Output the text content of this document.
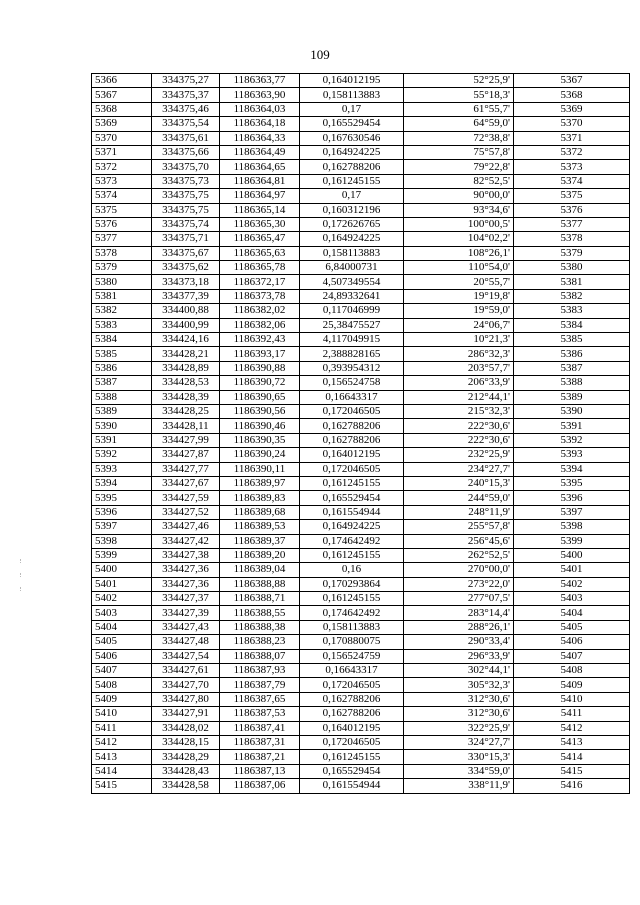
109
5366	334375,27	1186363,77	0,164012195	52°25,9'	5367
5367	334375,37	1186363,90	0,158113883	55°18,3'	5368
5368	334375,46	1186364,03	0,17	61°55,7'	5369
5369	334375,54	1186364,18	0,165529454	64°59,0'	5370
5370	334375,61	1186364,33	0,167630546	72°38,8'	5371
5371	334375,66	1186364,49	0,164924225	75°57,8'	5372
5372	334375,70	1186364,65	0,162788206	79°22,8'	5373
5373	334375,73	1186364,81	0,161245155	82°52,5'	5374
5374	334375,75	1186364,97	0,17	90°00,0'	5375
5375	334375,75	1186365,14	0,160312196	93°34,6'	5376
5376	334375,74	1186365,30	0,172626765	100°00,5'	5377
5377	334375,71	1186365,47	0,164924225	104°02,2'	5378
5378	334375,67	1186365,63	0,158113883	108°26,1'	5379
5379	334375,62	1186365,78	6,84000731	110°54,0'	5380
5380	334373,18	1186372,17	4,507349554	20°55,7'	5381
5381	334377,39	1186373,78	24,89332641	19°19,8'	5382
5382	334400,88	1186382,02	0,117046999	19°59,0'	5383
5383	334400,99	1186382,06	25,38475527	24°06,7'	5384
5384	334424,16	1186392,43	4,117049915	10°21,3'	5385
5385	334428,21	1186393,17	2,388828165	286°32,3'	5386
5386	334428,89	1186390,88	0,393954312	203°57,7'	5387
5387	334428,53	1186390,72	0,156524758	206°33,9'	5388
5388	334428,39	1186390,65	0,16643317	212°44,1'	5389
5389	334428,25	1186390,56	0,172046505	215°32,3'	5390
5390	334428,11	1186390,46	0,162788206	222°30,6'	5391
5391	334427,99	1186390,35	0,162788206	222°30,6'	5392
5392	334427,87	1186390,24	0,164012195	232°25,9'	5393
5393	334427,77	1186390,11	0,172046505	234°27,7'	5394
5394	334427,67	1186389,97	0,161245155	240°15,3'	5395
5395	334427,59	1186389,83	0,165529454	244°59,0'	5396
5396	334427,52	1186389,68	0,161554944	248°11,9'	5397
5397	334427,46	1186389,53	0,164924225	255°57,8'	5398
5398	334427,42	1186389,37	0,174642492	256°45,6'	5399
5399	334427,38	1186389,20	0,161245155	262°52,5'	5400
5400	334427,36	1186389,04	0,16	270°00,0'	5401
5401	334427,36	1186388,88	0,170293864	273°22,0'	5402
5402	334427,37	1186388,71	0,161245155	277°07,5'	5403
5403	334427,39	1186388,55	0,174642492	283°14,4'	5404
5404	334427,43	1186388,38	0,158113883	288°26,1'	5405
5405	334427,48	1186388,23	0,170880075	290°33,4'	5406
5406	334427,54	1186388,07	0,156524759	296°33,9'	5407
5407	334427,61	1186387,93	0,16643317	302°44,1'	5408
5408	334427,70	1186387,79	0,172046505	305°32,3'	5409
5409	334427,80	1186387,65	0,162788206	312°30,6'	5410
5410	334427,91	1186387,53	0,162788206	312°30,6'	5411
5411	334428,02	1186387,41	0,164012195	322°25,9'	5412
5412	334428,15	1186387,31	0,172046505	324°27,7'	5413
5413	334428,29	1186387,21	0,161245155	330°15,3'	5414
5414	334428,43	1186387,13	0,165529454	334°59,0'	5415
5415	334428,58	1186387,06	0,161554944	338°11,9'	5416
